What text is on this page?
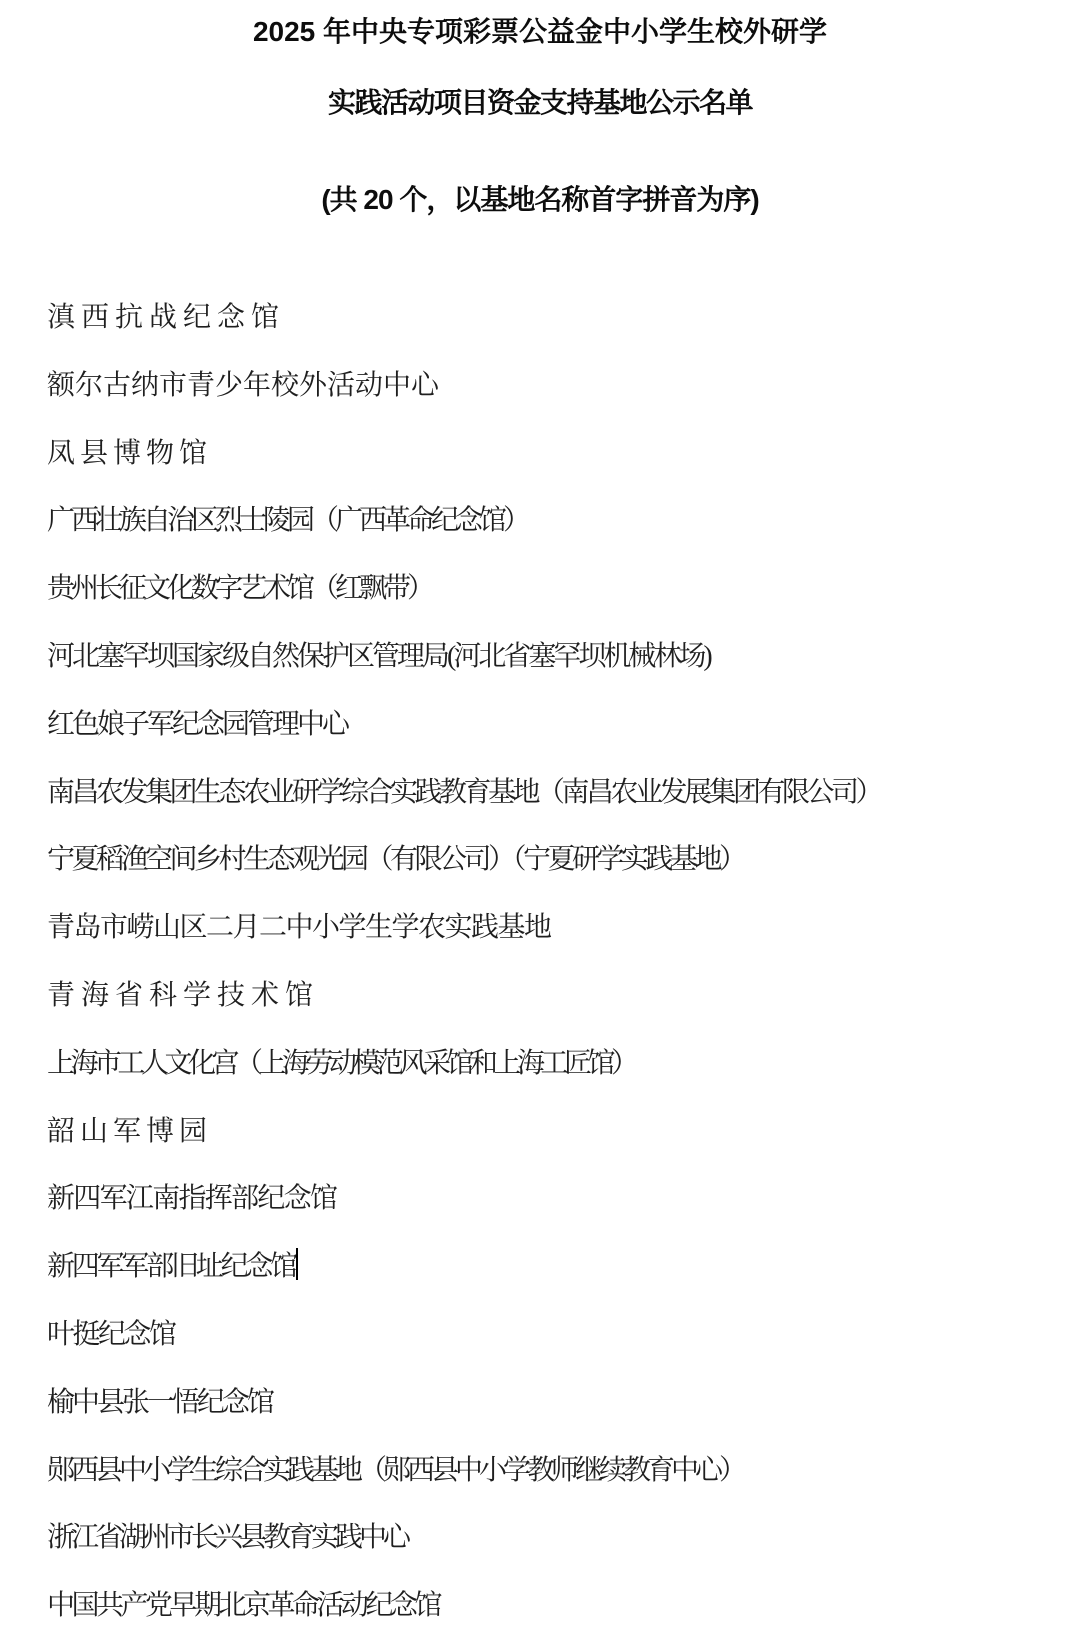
2025 年中央专项彩票公益金中小学生校外研学
实践活动项目资金支持基地公示名单
(共 20 个，以基地名称首字拼音为序)
滇西抗战纪念馆
额尔古纳市青少年校外活动中心
凤县博物馆
广西壮族自治区烈士陵园（广西革命纪念馆）
贵州长征文化数字艺术馆（红飘带）
河北塞罕坝国家级自然保护区管理局(河北省塞罕坝机械林场)
红色娘子军纪念园管理中心
南昌农发集团生态农业研学综合实践教育基地（南昌农业发展集团有限公司）
宁夏稻渔空间乡村生态观光园（有限公司）（宁夏研学实践基地）
青岛市崂山区二月二中小学生学农实践基地
青海省科学技术馆
上海市工人文化宫（上海劳动模范风采馆和上海工匠馆）
韶山军博园
新四军江南指挥部纪念馆
新四军军部旧址纪念馆
叶挺纪念馆
榆中县张一悟纪念馆
郧西县中小学生综合实践基地（郧西县中小学教师继续教育中心）
浙江省湖州市长兴县教育实践中心
中国共产党早期北京革命活动纪念馆
